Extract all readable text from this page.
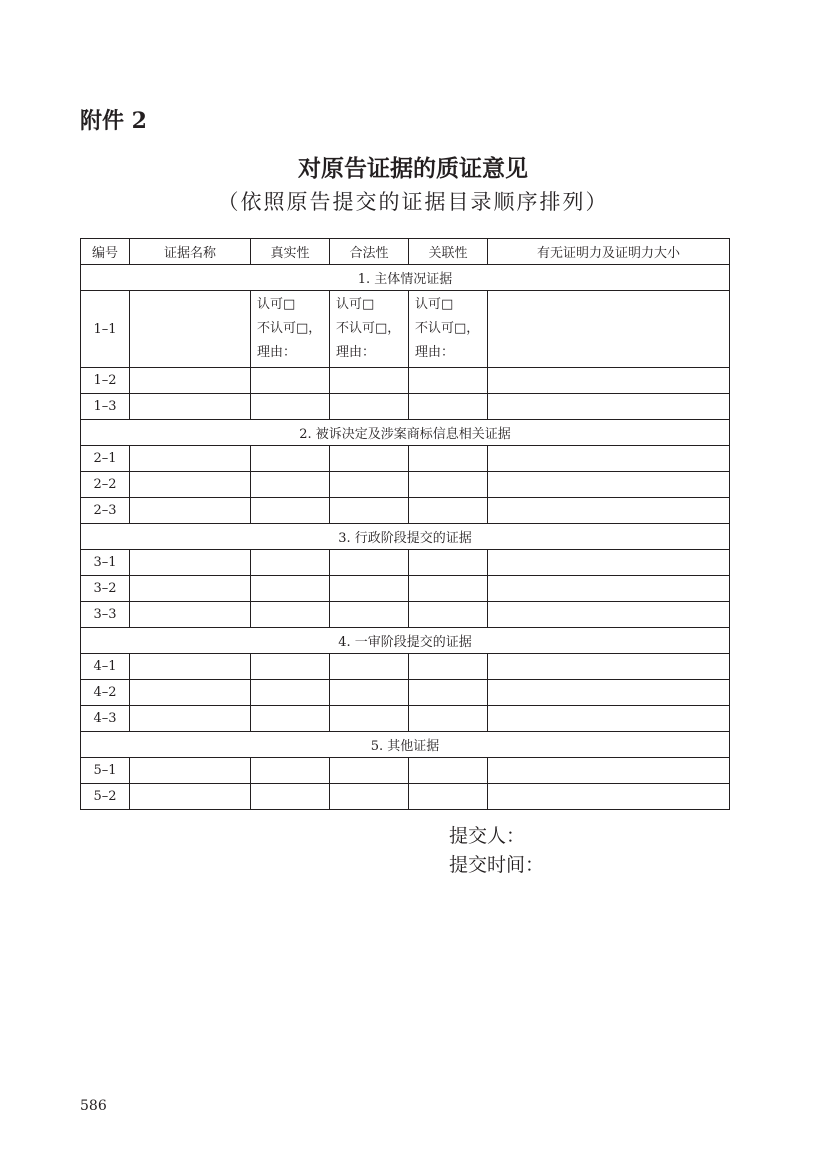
附件 2
对原告证据的质证意见
（依照原告提交的证据目录顺序排列）
编号	证据名称	真实性	合法性	关联性	有无证明力及证明力大小
1. 主体情况证据					
1–1		认可□
不认可□，
理由：	认可□
不认可□，
理由：	认可□
不认可□，
理由：	

1–2					
1–3					
2. 被诉决定及涉案商标信息相关证据					
2–1					
2–2					
2–3					
3. 行政阶段提交的证据					
3–1					
3–2					
3–3					
4. 一审阶段提交的证据					
4–1					
4–2					
4–3					
5. 其他证据					
5–1					
5–2					
提交人：
提交时间：
586
